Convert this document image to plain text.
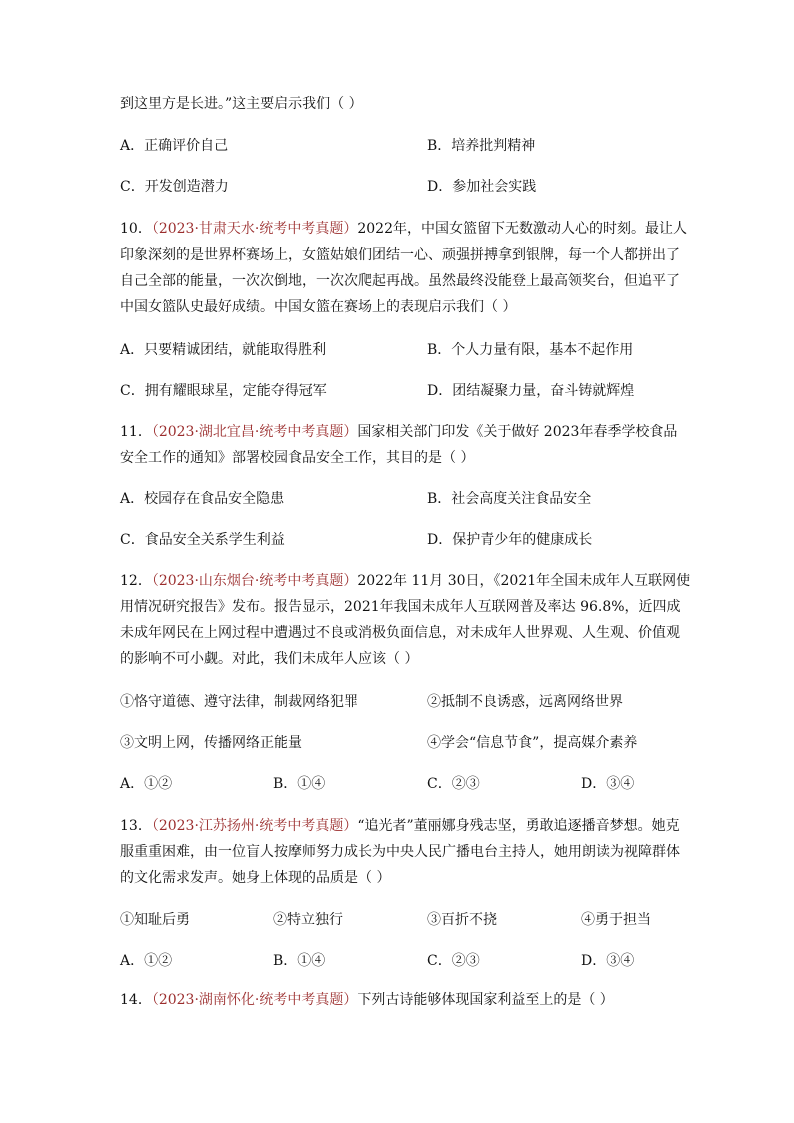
到这里方是长进。”这主要启示我们（ ）
A．正确评价自己	B．培养批判精神
C．开发创造潜力	D．参加社会实践
10．（2023·甘肃天水·统考中考真题）2022年，中国女篮留下无数激动人心的时刻。最让人
印象深刻的是世界杯赛场上，女篮姑娘们团结一心、顽强拼搏拿到银牌，每一个人都拼出了
自己全部的能量，一次次倒地，一次次爬起再战。虽然最终没能登上最高领奖台，但追平了
中国女篮队史最好成绩。中国女篮在赛场上的表现启示我们（ ）
A．只要精诚团结，就能取得胜利	B．个人力量有限，基本不起作用
C．拥有耀眼球星，定能夺得冠军	D．团结凝聚力量，奋斗铸就辉煌
11．（2023·湖北宜昌·统考中考真题）国家相关部门印发《关于做好 2023年春季学校食品
安全工作的通知》部署校园食品安全工作，其目的是（ ）
A．校园存在食品安全隐患	B．社会高度关注食品安全
C．食品安全关系学生利益	D．保护青少年的健康成长
12．（2023·山东烟台·统考中考真题）2022年 11月 30日，《2021年全国未成年人互联网使
用情况研究报告》发布。报告显示，2021年我国未成年人互联网普及率达 96.8%，近四成
未成年网民在上网过程中遭遇过不良或消极负面信息，对未成年人世界观、人生观、价值观
的影响不可小觑。对此，我们未成年人应该（ ）
①恪守道德、遵守法律，制裁网络犯罪	②抵制不良诱惑，远离网络世界
③文明上网，传播网络正能量	④学会“信息节食”，提高媒介素养
A．①②	B．①④	C．②③	D．③④
13．（2023·江苏扬州·统考中考真题）“追光者”董丽娜身残志坚，勇敢追逐播音梦想。她克
服重重困难，由一位盲人按摩师努力成长为中央人民广播电台主持人，她用朗读为视障群体
的文化需求发声。她身上体现的品质是（ ）
①知耻后勇	②特立独行	③百折不挠	④勇于担当
A．①②	B．①④	C．②③	D．③④
14．（2023·湖南怀化·统考中考真题）下列古诗能够体现国家利益至上的是（ ）
